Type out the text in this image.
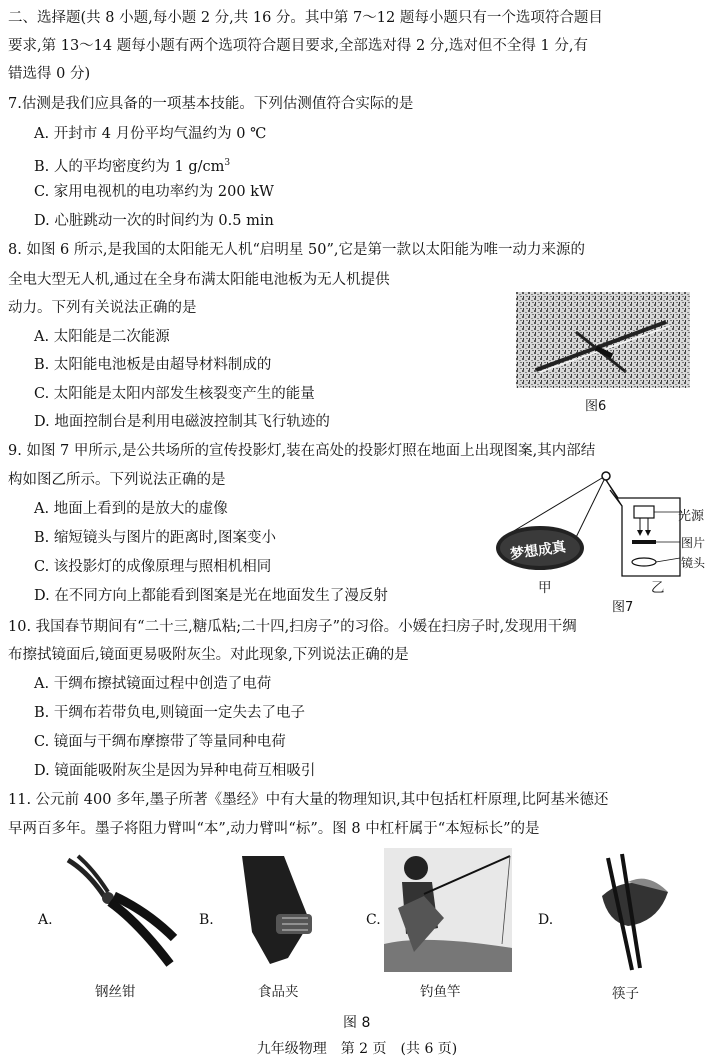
二、选择题(共 8 小题,每小题 2 分,共 16 分。其中第 7～12 题每小题只有一个选项符合题目
要求,第 13～14 题每小题有两个选项符合题目要求,全部选对得 2 分,选对但不全得 1 分,有
错选得 0 分)
7.估测是我们应具备的一项基本技能。下列估测值符合实际的是
A. 开封市 4 月份平均气温约为 0 ℃
B. 人的平均密度约为 1 $g/cm^3$
C. 家用电视机的电功率约为 200 kW
D. 心脏跳动一次的时间约为 0.5 min
8. 如图 6 所示,是我国的太阳能无人机“启明星 50”,它是第一款以太阳能为唯一动力来源的
全电大型无人机,通过在全身布满太阳能电池板为无人机提供
动力。下列有关说法正确的是
A. 太阳能是二次能源
B. 太阳能电池板是由超导材料制成的
C. 太阳能是太阳内部发生核裂变产生的能量
D. 地面控制台是利用电磁波控制其飞行轨迹的
图6
9. 如图 7 甲所示,是公共场所的宣传投影灯,装在高处的投影灯照在地面上出现图案,其内部结
构如图乙所示。下列说法正确的是
A. 地面上看到的是放大的虚像
B. 缩短镜头与图片的距离时,图案变小
C. 该投影灯的成像原理与照相机相同
D. 在不同方向上都能看到图案是光在地面发生了漫反射
梦想成真
光源
图片
镜头
甲	乙
图7
10. 我国春节期间有“二十三,糖瓜粘;二十四,扫房子”的习俗。小媛在扫房子时,发现用干绸
布擦拭镜面后,镜面更易吸附灰尘。对此现象,下列说法正确的是
A. 干绸布擦拭镜面过程中创造了电荷
B. 干绸布若带负电,则镜面一定失去了电子
C. 镜面与干绸布摩擦带了等量同种电荷
D. 镜面能吸附灰尘是因为异种电荷互相吸引
11. 公元前 400 多年,墨子所著《墨经》中有大量的物理知识,其中包括杠杆原理,比阿基米德还
早两百多年。墨子将阻力臂叫“本”,动力臂叫“标”。图 8 中杠杆属于“本短标长”的是
A.
钢丝钳
B.
食品夹
C.
钓鱼竿
D.
筷子
图 8
九年级物理　第 2 页　(共 6 页)
